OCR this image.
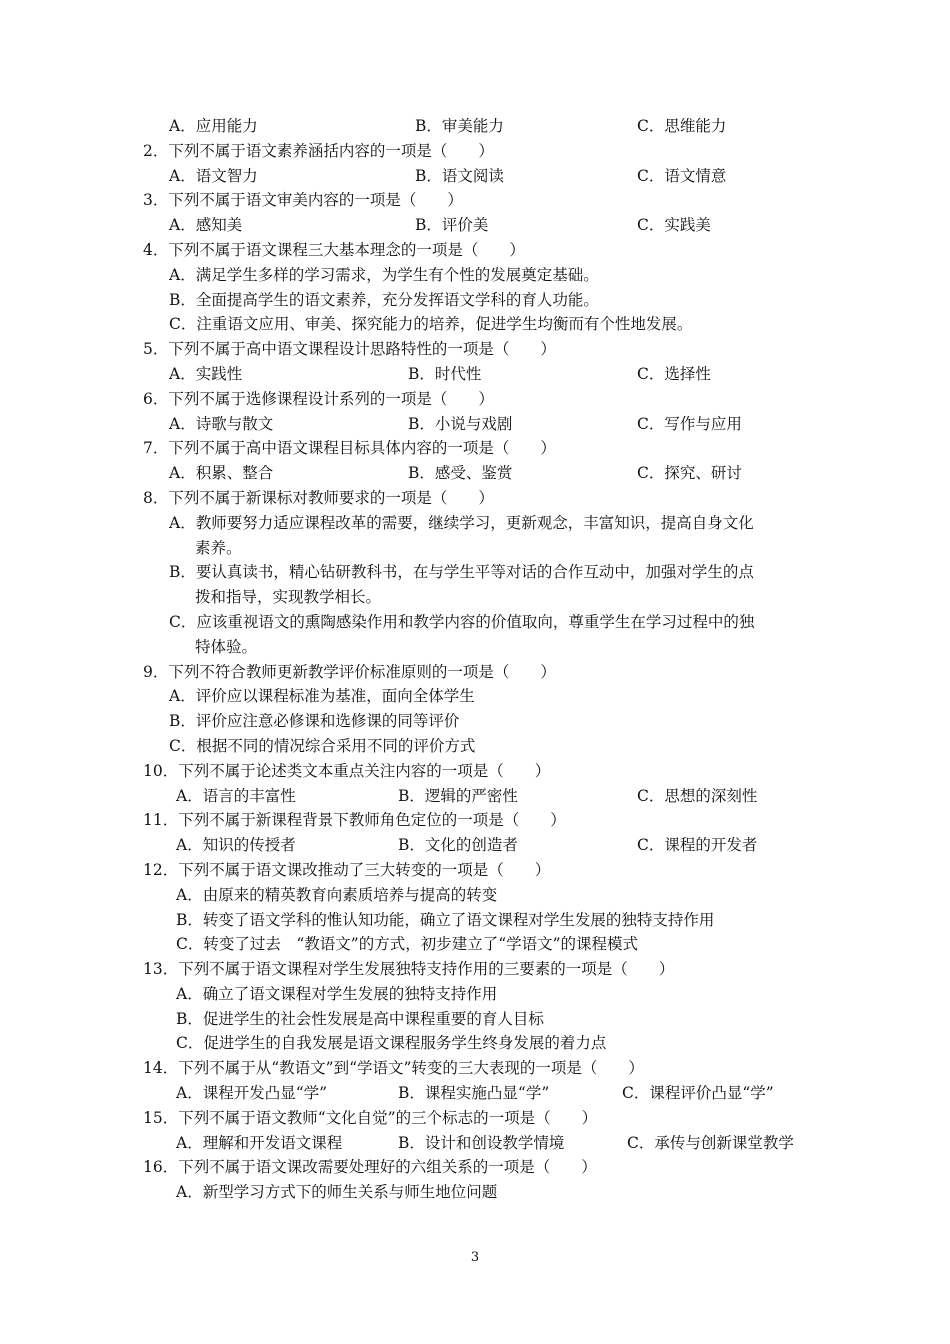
A．应用能力	B．审美能力	C．思维能力
2．下列不属于语文素养涵括内容的一项是（　　）
A．语文智力	B．语文阅读	C．语文情意
3．下列不属于语文审美内容的一项是（　　）
A．感知美	B．评价美	C．实践美
4．下列不属于语文课程三大基本理念的一项是（　　）
A．满足学生多样的学习需求，为学生有个性的发展奠定基础。
B．全面提高学生的语文素养，充分发挥语文学科的育人功能。
C．注重语文应用、审美、探究能力的培养，促进学生均衡而有个性地发展。
5．下列不属于高中语文课程设计思路特性的一项是（　　）
A．实践性	B．时代性	C．选择性
6．下列不属于选修课程设计系列的一项是（　　）
A．诗歌与散文	B．小说与戏剧	C．写作与应用
7．下列不属于高中语文课程目标具体内容的一项是（　　）
A．积累、整合	B．感受、鉴赏	C．探究、研讨
8．下列不属于新课标对教师要求的一项是（　　）
A．教师要努力适应课程改革的需要，继续学习，更新观念，丰富知识，提高自身文化
素养。
B．要认真读书，精心钻研教科书，在与学生平等对话的合作互动中，加强对学生的点
拨和指导，实现教学相长。
C．应该重视语文的熏陶感染作用和教学内容的价值取向，尊重学生在学习过程中的独
特体验。
9．下列不符合教师更新教学评价标准原则的一项是（　　）
A．评价应以课程标准为基准，面向全体学生
B．评价应注意必修课和选修课的同等评价
C．根据不同的情况综合采用不同的评价方式
10．下列不属于论述类文本重点关注内容的一项是（　　）
A．语言的丰富性	B．逻辑的严密性	C．思想的深刻性
11．下列不属于新课程背景下教师角色定位的一项是（　　）
A．知识的传授者	B．文化的创造者	C．课程的开发者
12．下列不属于语文课改推动了三大转变的一项是（　　）
A．由原来的精英教育向素质培养与提高的转变
B．转变了语文学科的惟认知功能，确立了语文课程对学生发展的独特支持作用
C．转变了过去　“教语文”的方式，初步建立了“学语文”的课程模式
13．下列不属于语文课程对学生发展独特支持作用的三要素的一项是（　　）
A．确立了语文课程对学生发展的独特支持作用
B．促进学生的社会性发展是高中课程重要的育人目标
C．促进学生的自我发展是语文课程服务学生终身发展的着力点
14．下列不属于从“教语文”到“学语文”转变的三大表现的一项是（　　）
A．课程开发凸显“学”	B．课程实施凸显“学”	C．课程评价凸显“学”
15．下列不属于语文教师“文化自觉”的三个标志的一项是（　　）
A．理解和开发语文课程	B．设计和创设教学情境	C．承传与创新课堂教学
16．下列不属于语文课改需要处理好的六组关系的一项是（　　）
A．新型学习方式下的师生关系与师生地位问题
3
